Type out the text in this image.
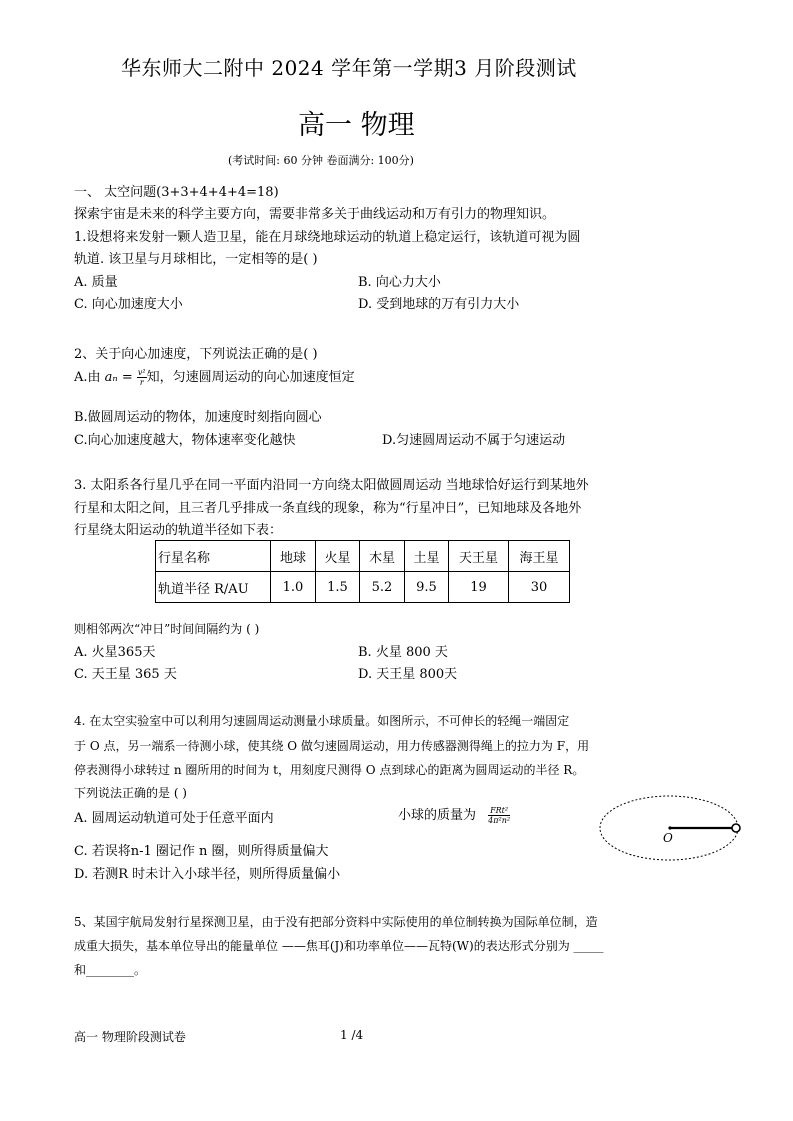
华东师大二附中 2024 学年第一学期3 月阶段测试
高一 物理
(考试时间: 60 分钟 卷面满分: 100分)
一、 太空问题(3+3+4+4+4=18)
探索宇宙是未来的科学主要方向，需要非常多关于曲线运动和万有引力的物理知识。
1.设想将来发射一颗人造卫星，能在月球绕地球运动的轨道上稳定运行，该轨道可视为圆
轨道. 该卫星与月球相比，一定相等的是( )
A. 质量	B. 向心力大小
C. 向心加速度大小	D. 受到地球的万有引力大小
2、关于向心加速度，下列说法正确的是( )
A.由 $a_n = \frac{\text{v²}}{r}$ 知，匀速圆周运动的向心加速度恒定
B.做圆周运动的物体，加速度时刻指向圆心
C.向心加速度越大，物体速率变化越快	D.匀速圆周运动不属于匀速运动
3. 太阳系各行星几乎在同一平面内沿同一方向绕太阳做圆周运动 当地球恰好运行到某地外
行星和太阳之间，且三者几乎排成一条直线的现象，称为“行星冲日”，已知地球及各地外
行星绕太阳运动的轨道半径如下表：
行星名称	地球	火星	木星	土星	天王星	海王星
轨道半径 R/AU	1.0	1.5	5.2	9.5	19	30
则相邻两次“冲日”时间间隔约为 ( )
A. 火星365天	B. 火星 800 天
C. 天王星 365 天	D. 天王星 800天
4. 在太空实验室中可以利用匀速圆周运动测量小球质量。如图所示，不可伸长的轻绳一端固定
于 O 点，另一端系一待测小球，使其绕 O 做匀速圆周运动，用力传感器测得绳上的拉力为 F，用
停表测得小球转过 n 圈所用的时间为 t，用刻度尺测得 O 点到球心的距离为圆周运动的半径 R。
下列说法正确的是 ( )
A. 圆周运动轨道可处于任意平面内	小球的质量为 $\frac{\text{FRt²}}{\text{4π²n²}}$
C. 若误将n-1 圈记作 n 圈，则所得质量偏大
D. 若测R 时未计入小球半径，则所得质量偏小
O
5、某国宇航局发射行星探测卫星，由于没有把部分资料中实际使用的单位制转换为国际单位制，造
成重大损失，基本单位导出的能量单位 ——焦耳(J)和功率单位——瓦特(W)的表达形式分别为 _____
和________。
高一 物理阶段测试卷	1 /4
